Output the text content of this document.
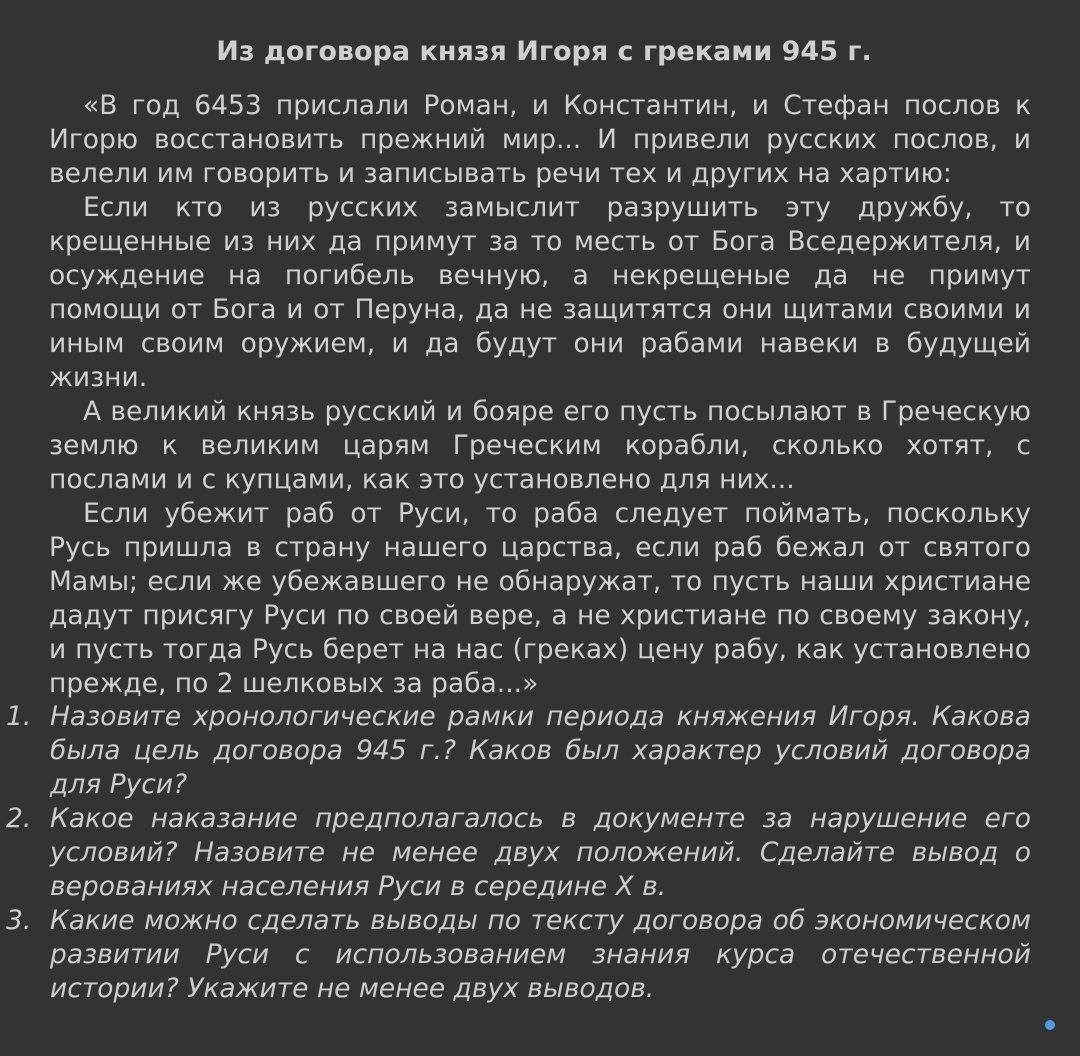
Из договора князя Игоря с греками 945 г.

«В год 6453 прислали Роман, и Константин, и Стефан послов к Игорю восстановить прежний мир... И привели русских послов, и велели им говорить и записывать речи тех и других на хартию:

Если кто из русских замыслит разрушить эту дружбу, то крещенные из них да примут за то месть от Бога Вседержителя, и осуждение на погибель вечную, а некрещеные да не примут помощи от Бога и от Перуна, да не защитятся они щитами своими и иным своим оружием, и да будут они рабами навеки в будущей жизни.

А великий князь русский и бояре его пусть посылают в Греческую землю к великим царям Греческим корабли, сколько хотят, с послами и с купцами, как это установлено для них...

Если убежит раб от Руси, то раба следует поймать, поскольку Русь пришла в страну нашего царства, если раб бежал от святого Мамы; если же убежавшего не обнаружат, то пусть наши христиане дадут присягу Руси по своей вере, а не христиане по своему закону, и пусть тогда Русь берет на нас (греках) цену рабу, как установлено прежде, по 2 шелковых за раба...»

1. Назовите хронологические рамки периода княжения Игоря. Какова была цель договора 945 г.? Каков был характер условий договора для Руси?
2. Какое наказание предполагалось в документе за нарушение его условий? Назовите не менее двух положений. Сделайте вывод о верованиях населения Руси в середине X в.
3. Какие можно сделать выводы по тексту договора об экономическом развитии Руси с использованием знания курса отечественной истории? Укажите не менее двух выводов.
